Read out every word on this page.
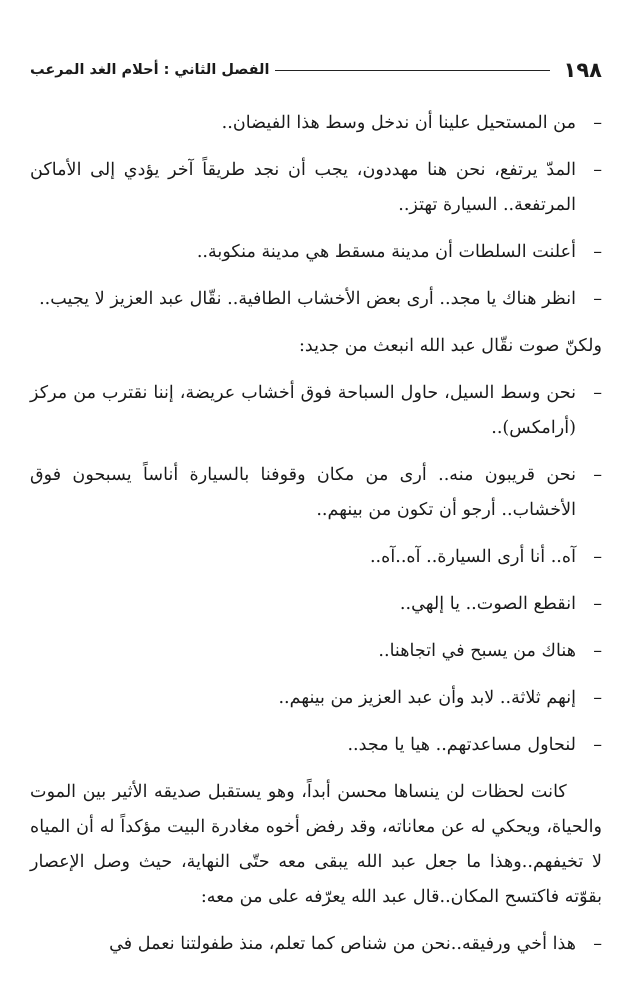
١٩٨
الفصل الثاني : أحلام الغد المرعب
–
من المستحيل علينا أن ندخل وسط هذا الفيضان..
–
المدّ يرتفع، نحن هنا مهددون، يجب أن نجد طريقاً آخر يؤدي إلى الأماكن المرتفعة.. السيارة تهتز..
–
أعلنت السلطات أن مدينة مسقط هي مدينة منكوبة..
–
انظر هناك يا مجد.. أرى بعض الأخشاب الطافية.. نقّال عبد العزيز لا يجيب..

ولكنّ صوت نقّال عبد الله انبعث من جديد:

–
نحن وسط السيل، حاول السباحة فوق أخشاب عريضة، إننا نقترب من مركز (أرامكس)..
–
نحن قريبون منه.. أرى من مكان وقوفنا بالسيارة أناساً يسبحون فوق الأخشاب.. أرجو أن تكون من بينهم..
–
آه.. أنا أرى السيارة.. آه..آه..
–
انقطع الصوت.. يا إلهي..
–
هناك من يسبح في اتجاهنا..
–
إنهم ثلاثة.. لابد وأن عبد العزيز من بينهم..
–
لنحاول مساعدتهم.. هيا يا مجد..

كانت لحظات لن ينساها محسن أبداً، وهو يستقبل صديقه الأثير بين الموت والحياة، ويحكي له عن معاناته، وقد رفض أخوه مغادرة البيت مؤكداً له أن المياه لا تخيفهم..وهذا ما جعل عبد الله يبقى معه حتّى النهاية، حيث وصل الإعصار بقوّته فاكتسح المكان..قال عبد الله يعرّفه على من معه:

–
هذا أخي ورفيقه..نحن من شناص كما تعلم، منذ طفولتنا نعمل في
